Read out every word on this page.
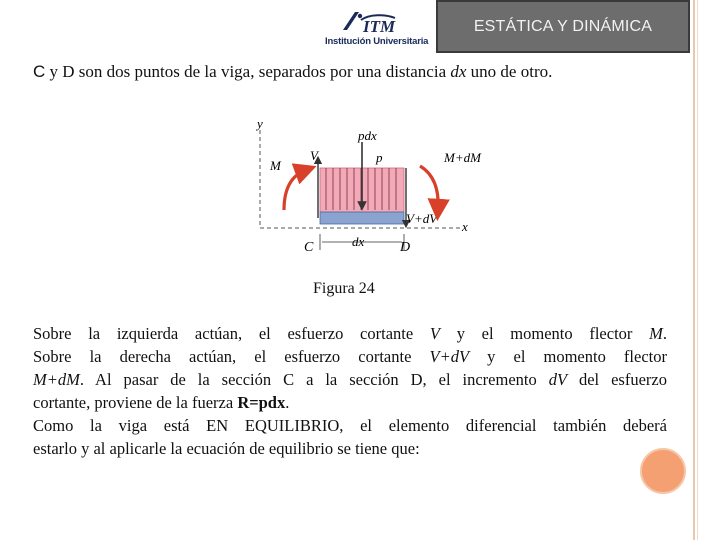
ITM
Institución Universitaria
ESTÁTICA Y DINÁMICA
C y D son dos puntos de la viga, separados por una distancia dx uno de otro.
y
x
pdx
p
V
V+dV
M
M+dM
dx
C	D
Figura 24

Sobre la izquierda actúan, el esfuerzo cortante V y el momento flector M.

Sobre la derecha actúan, el esfuerzo cortante V+dV y el momento flector

M+dM. Al pasar de la sección C a la sección D, el incremento dV del esfuerzo

cortante, proviene de la fuerza R=pdx.

Como la viga está EN EQUILIBRIO, el elemento diferencial también deberá

estarlo y al aplicarle la ecuación de equilibrio se tiene que:
